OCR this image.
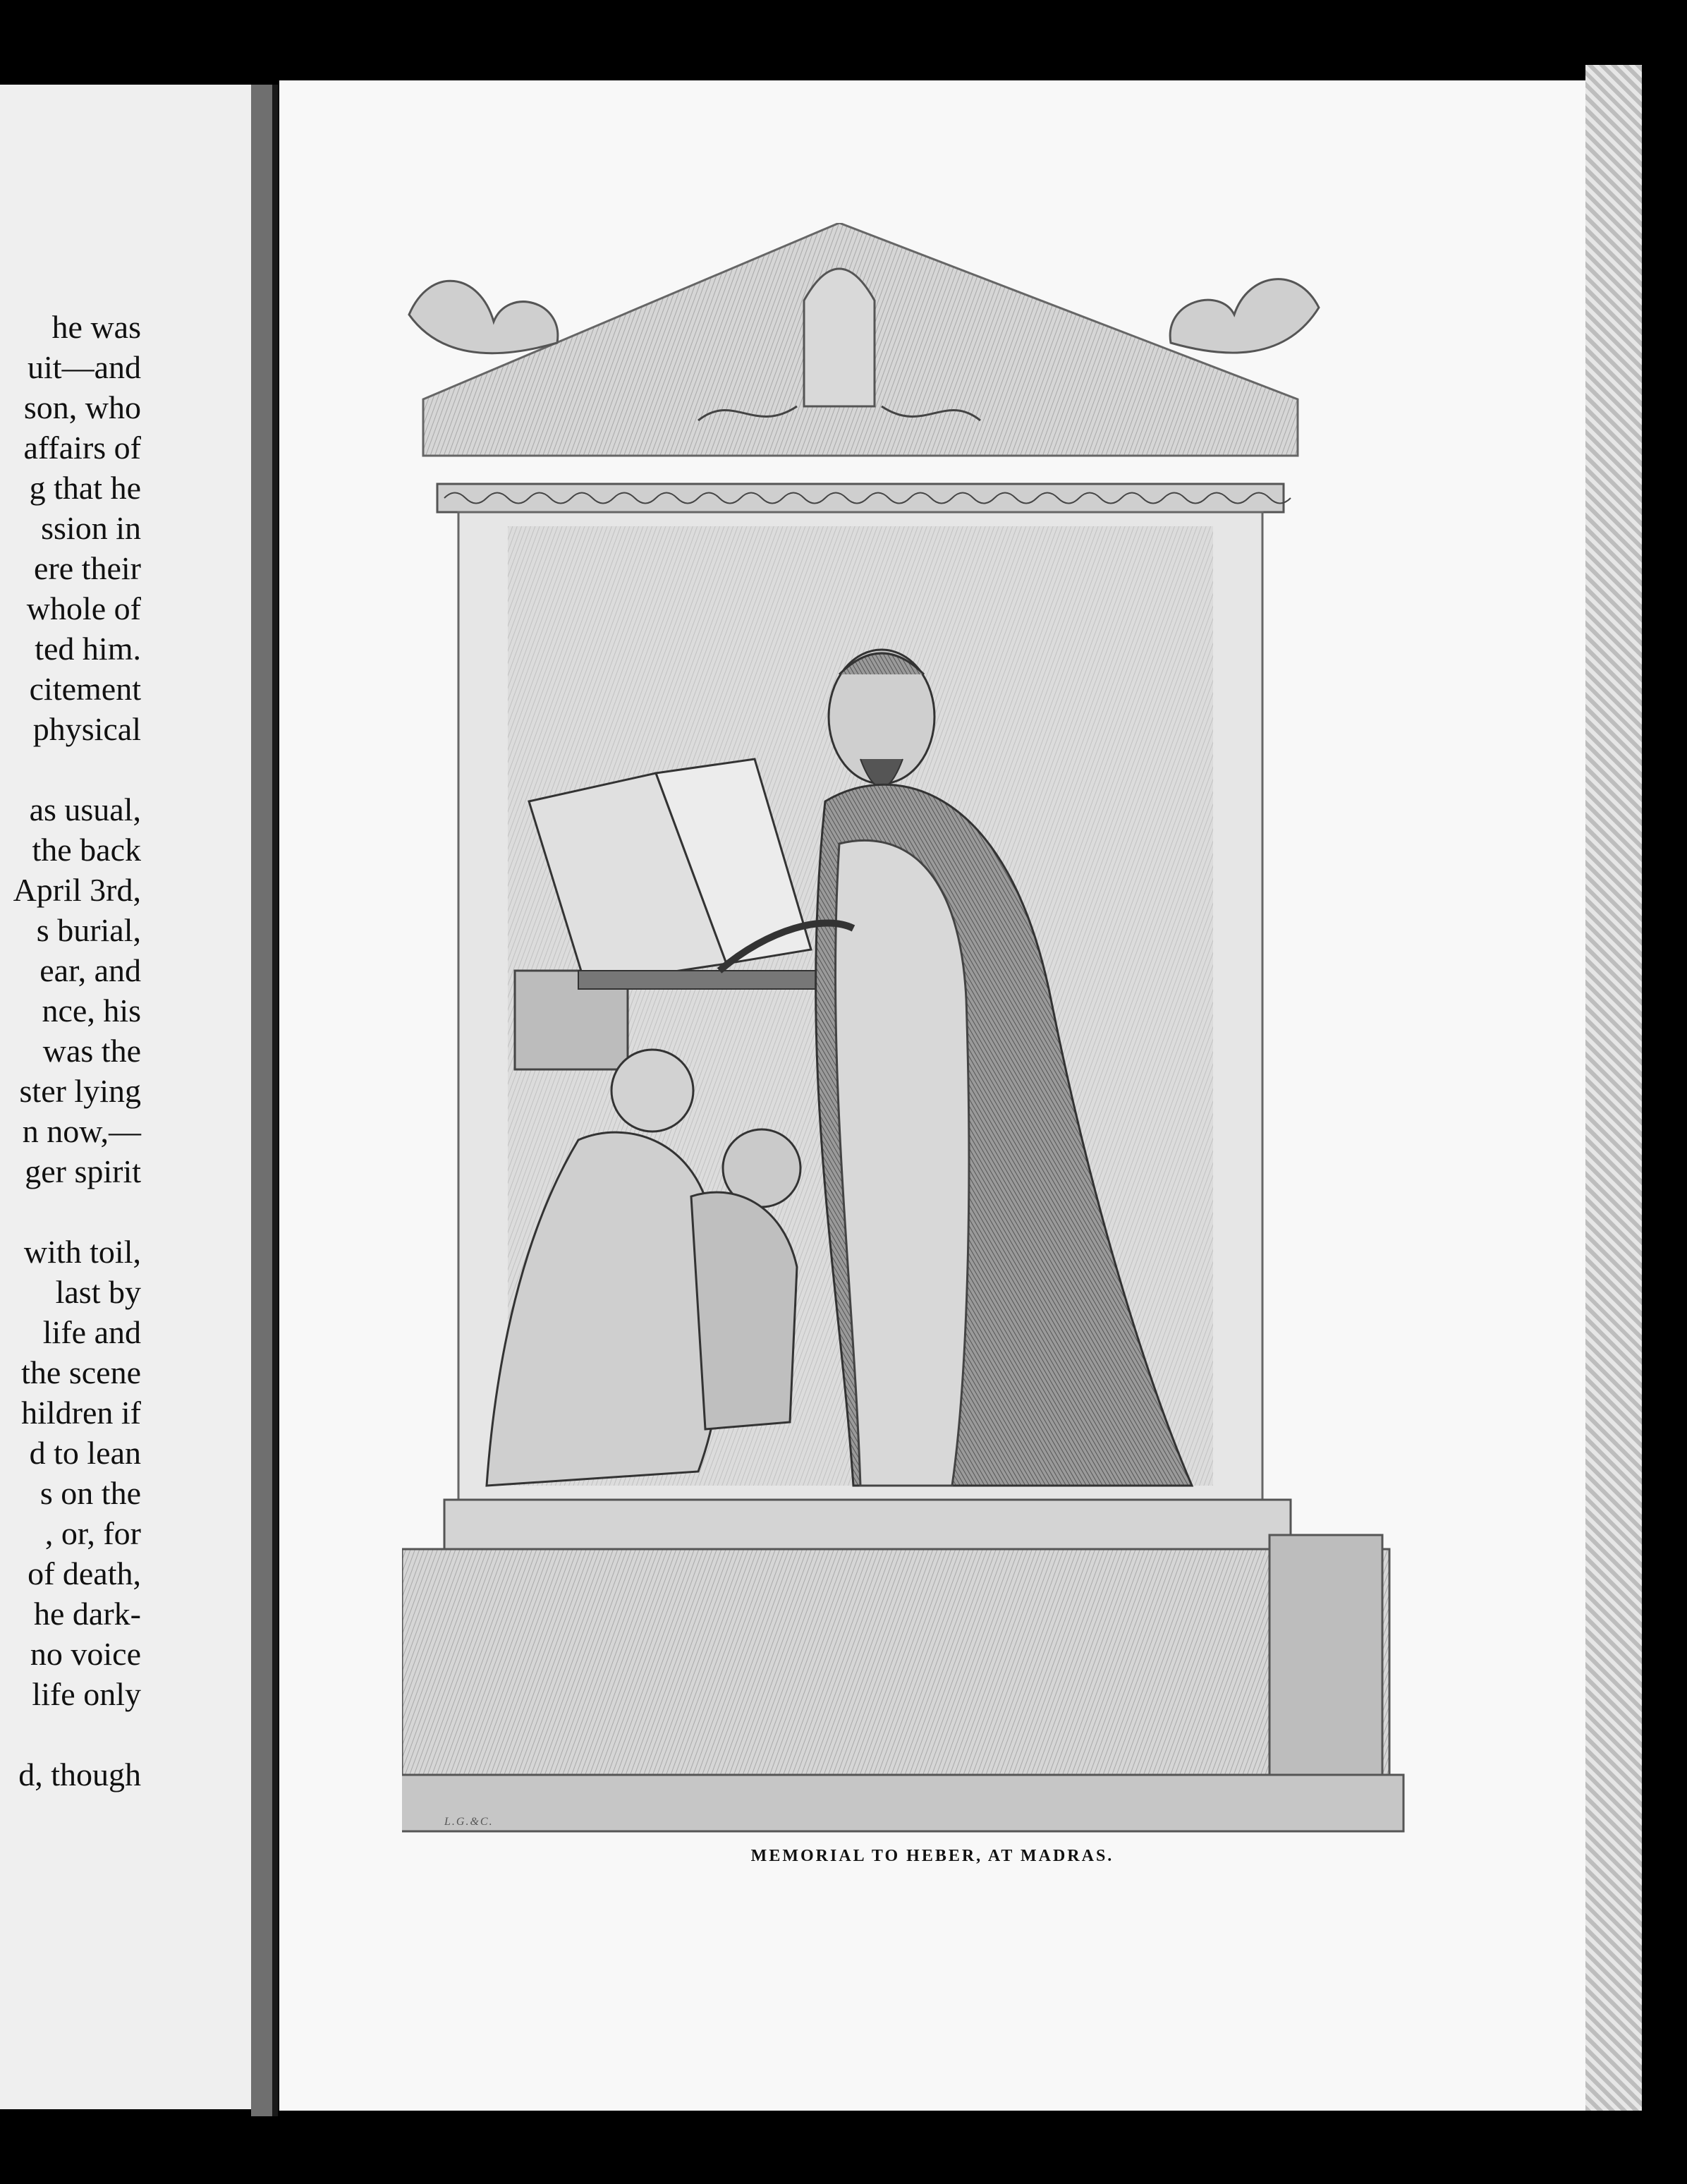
he was
uit—and
son, who
affairs of
g that he
ssion in
ere their
whole of
ted him.
citement
physical
as usual,
the back
April 3rd,
s burial,
ear, and
nce, his
was the
ster lying
n now,—
ger spirit
with toil,
last by
life and
the scene
hildren if
d to lean
s on the
, or, for
of death,
he dark-
no voice
life only
d, though
L.G.&C.
MEMORIAL TO HEBER, AT MADRAS.
